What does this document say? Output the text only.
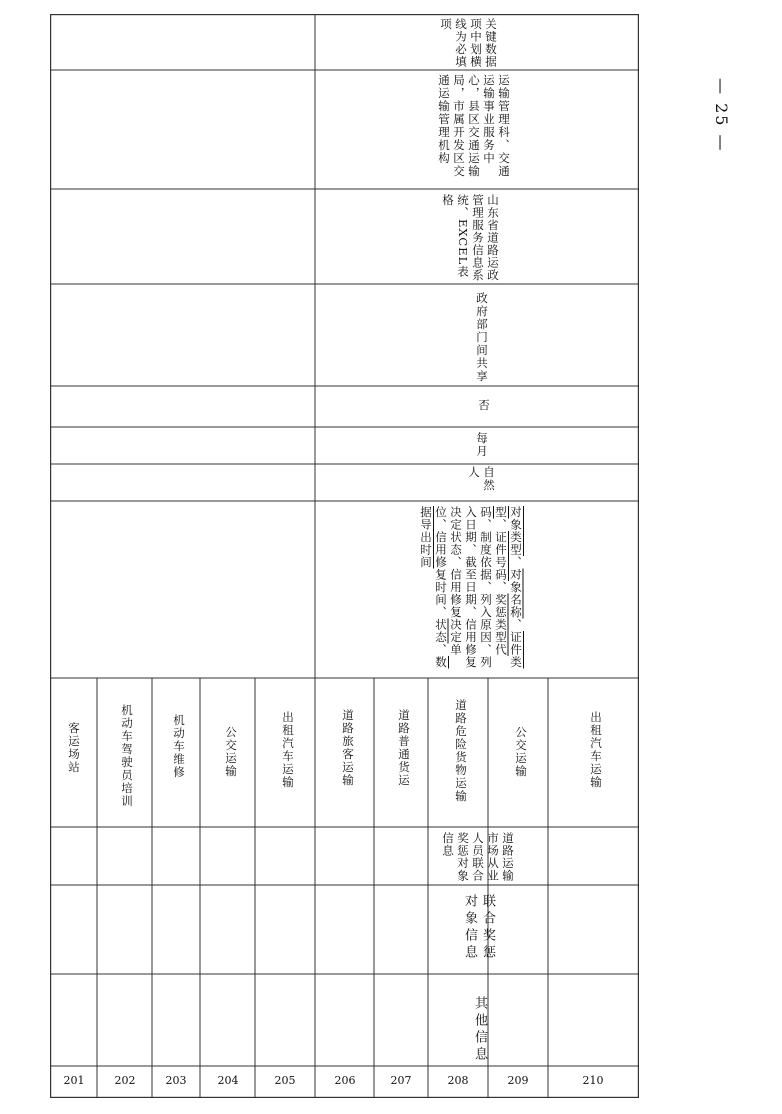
201	202	203	204	205	206	207	208	209	210
客运场站	机动车驾驶员培训	机动车维修	公交运输	出租汽车运输	道路旅客运输	道路普通货运	道路危险货物运输	公交运输	出租汽车运输
其他信息
联合奖惩对象信息
道路运输市场从业人员联合奖惩对象信息
对象类型、对象名称、证件类型、证件号码、奖惩类型代码、制度依据、列入原因、列入日期、截至日期、信用修复决定状态、信用修复决定单位、信用修复时间、状态、数据导出时间
自然人
每月
否
政府部门间共享
山东省道路运政管理服务信息系统、EXCEL表格
运输管理科、交通运输事业服务中心，县区交通运输局，市属开发区交通运输管理机构
关键数据项中划横线为必填项
— 25 —
